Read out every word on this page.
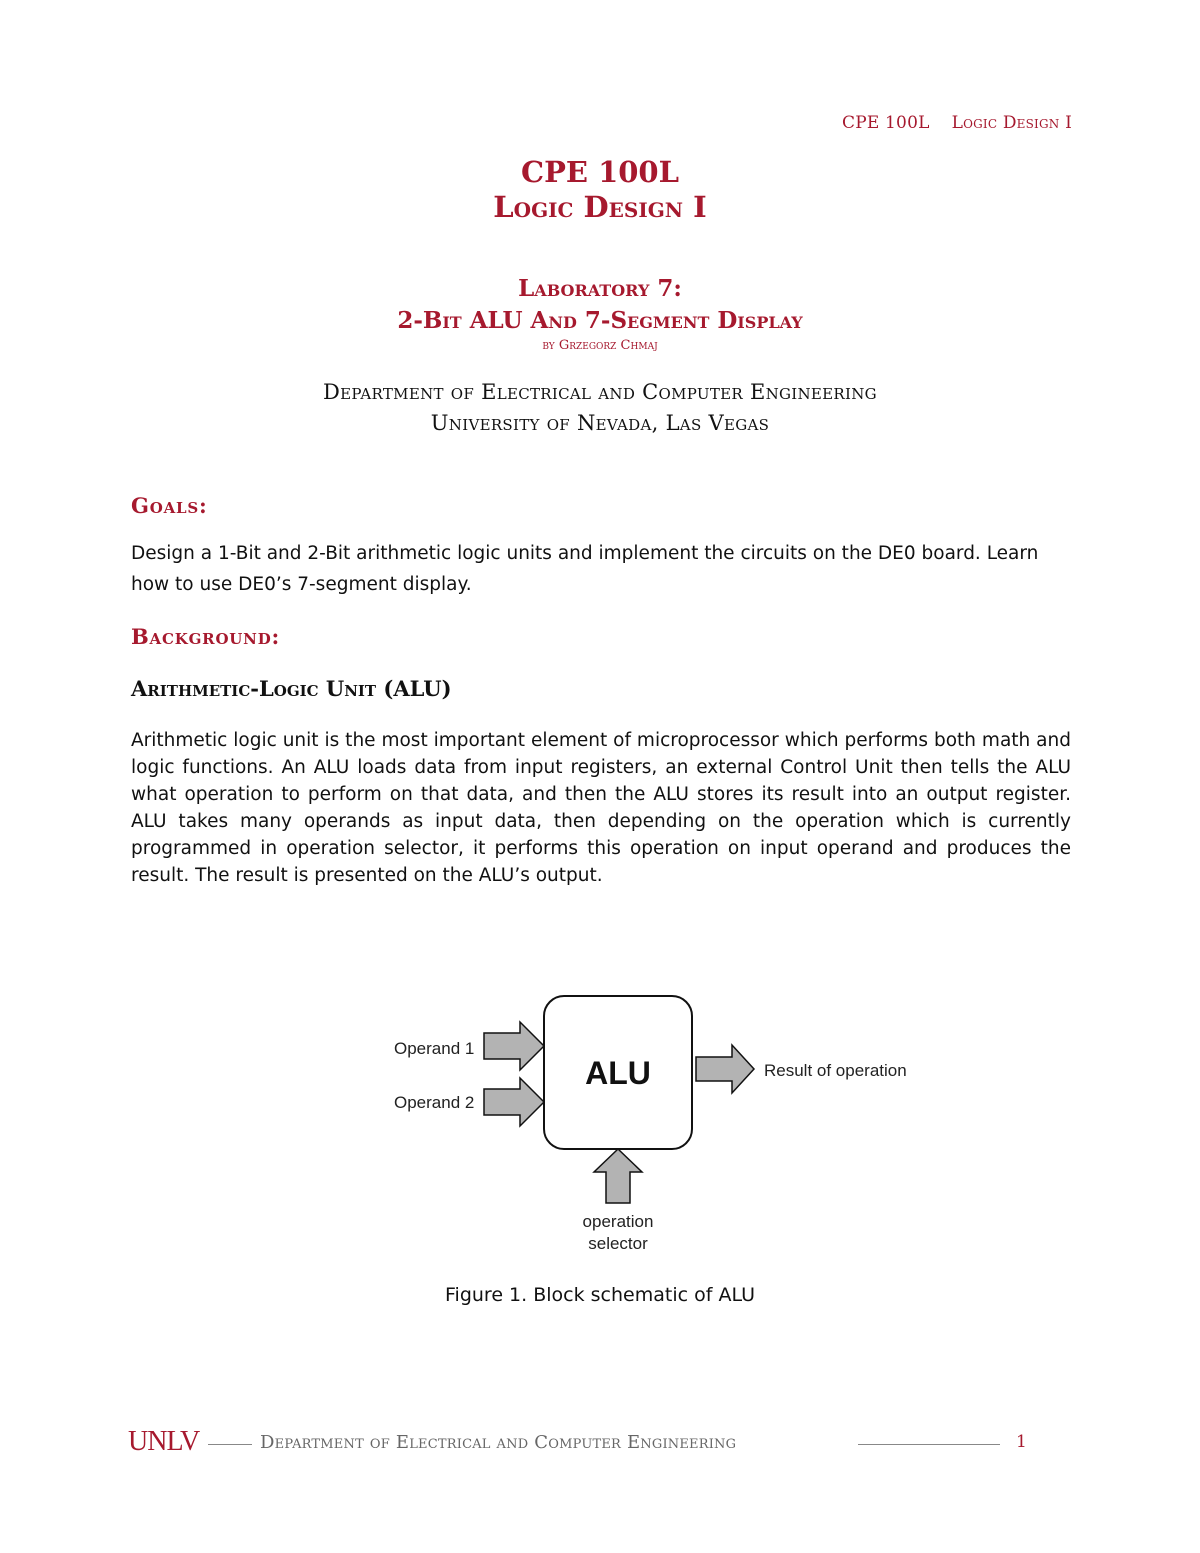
CPE 100L Logic Design I
CPE 100L
Logic Design I
Laboratory 7:
2-Bit ALU And 7-Segment Display
by Grzegorz Chmaj
Department of Electrical and Computer Engineering
University of Nevada, Las Vegas
Goals:
Design a 1-Bit and 2-Bit arithmetic logic units and implement the circuits on the DE0 board. Learn how to use DE0’s 7-segment display.
Background:
Arithmetic-Logic Unit (ALU)
Arithmetic logic unit is the most important element of microprocessor which performs both math and logic functions. An ALU loads data from input registers, an external Control Unit then tells the ALU what operation to perform on that data, and then the ALU stores its result into an output register. ALU takes many operands as input data, then depending on the operation which is currently programmed in operation selector, it performs this operation on input operand and produces the result. The result is presented on the ALU’s output.
ALU
Operand 1
Operand 2
Result of operation
operation
selector
Figure 1. Block schematic of ALU
UNLV	Department of Electrical and Computer Engineering	1
